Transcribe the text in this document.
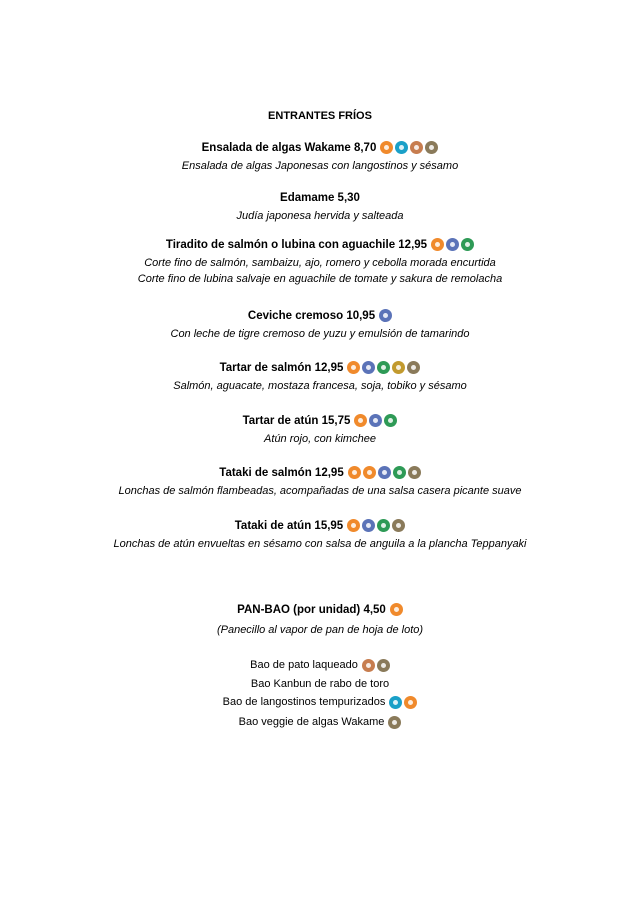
ENTRANTES FRÍOS
Ensalada de algas Wakame 8,70
Ensalada de algas Japonesas con langostinos y sésamo
Edamame 5,30
Judía japonesa hervida y salteada
Tiradito de salmón o lubina con aguachile 12,95
Corte fino de salmón, sambaizu, ajo, romero y cebolla morada encurtida
Corte fino de lubina salvaje en aguachile de tomate y sakura de remolacha
Ceviche cremoso 10,95
Con leche de tigre cremoso de yuzu y emulsión de tamarindo
Tartar de salmón 12,95
Salmón, aguacate, mostaza francesa, soja, tobiko y sésamo
Tartar de atún 15,75
Atún rojo, con kimchee
Tataki de salmón 12,95
Lonchas de salmón flambeadas, acompañadas de una salsa casera picante suave
Tataki de atún 15,95
Lonchas de atún envueltas en sésamo con salsa de anguila a la plancha Teppanyaki
PAN-BAO (por unidad) 4,50
(Panecillo al vapor de pan de hoja de loto)
Bao de pato laqueado
Bao Kanbun de rabo de toro
Bao de langostinos tempurizados
Bao veggie de algas Wakame
